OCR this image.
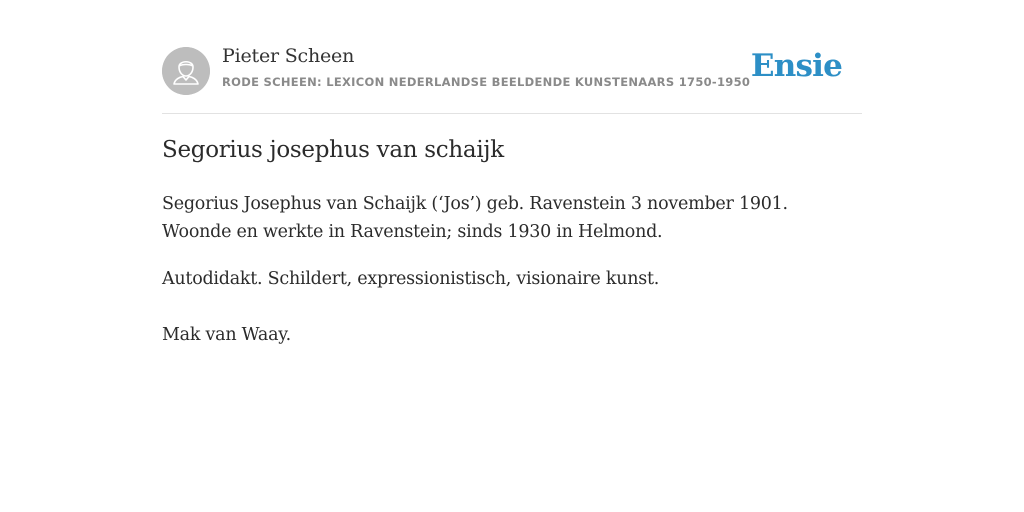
Pieter Scheen
RODE SCHEEN: LEXICON NEDERLANDSE BEELDENDE KUNSTENAARS 1750-1950 Ensie
Segorius josephus van schaijk

Segorius Josephus van Schaijk (‘Jos’) geb. Ravenstein 3 november 1901. Woonde en werkte in Ravenstein; sinds 1930 in Helmond.

Autodidakt. Schildert, expressionistisch, visionaire kunst.

Mak van Waay.
